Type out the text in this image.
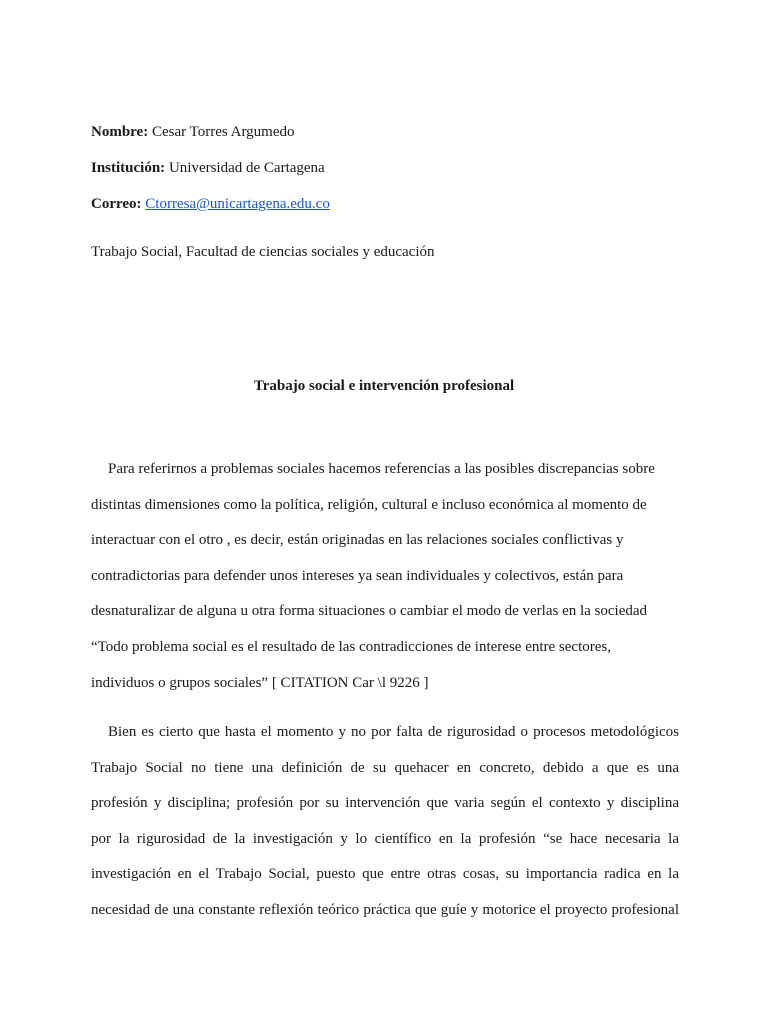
Nombre: Cesar Torres Argumedo
Institución: Universidad de Cartagena
Correo: Ctorresa@unicartagena.edu.co
Trabajo Social, Facultad de ciencias sociales y educación
Trabajo social e intervención profesional
Para referirnos a problemas sociales hacemos referencias a las posibles discrepancias sobre
distintas dimensiones como la política, religión, cultural e incluso económica al momento de
interactuar con el otro , es decir, están originadas en las relaciones sociales conflictivas y
contradictorias para defender unos intereses ya sean individuales y colectivos, están para
desnaturalizar de alguna u otra forma situaciones o cambiar el modo de verlas en la sociedad
“Todo problema social es el resultado de las contradicciones de interese entre sectores,
individuos o grupos sociales” [ CITATION Car \l 9226 ]
Bien es cierto que hasta el momento y no por falta de rigurosidad o procesos metodológicos
Trabajo Social no tiene una definición de su quehacer en concreto, debido a que es una
profesión y disciplina; profesión por su intervención que varia según el contexto y disciplina
por la rigurosidad de la investigación y lo científico en la profesión “se hace necesaria la
investigación en el Trabajo Social, puesto que entre otras cosas, su importancia radica en la
necesidad de una constante reflexión teórico práctica que guíe y motorice el proyecto profesional
